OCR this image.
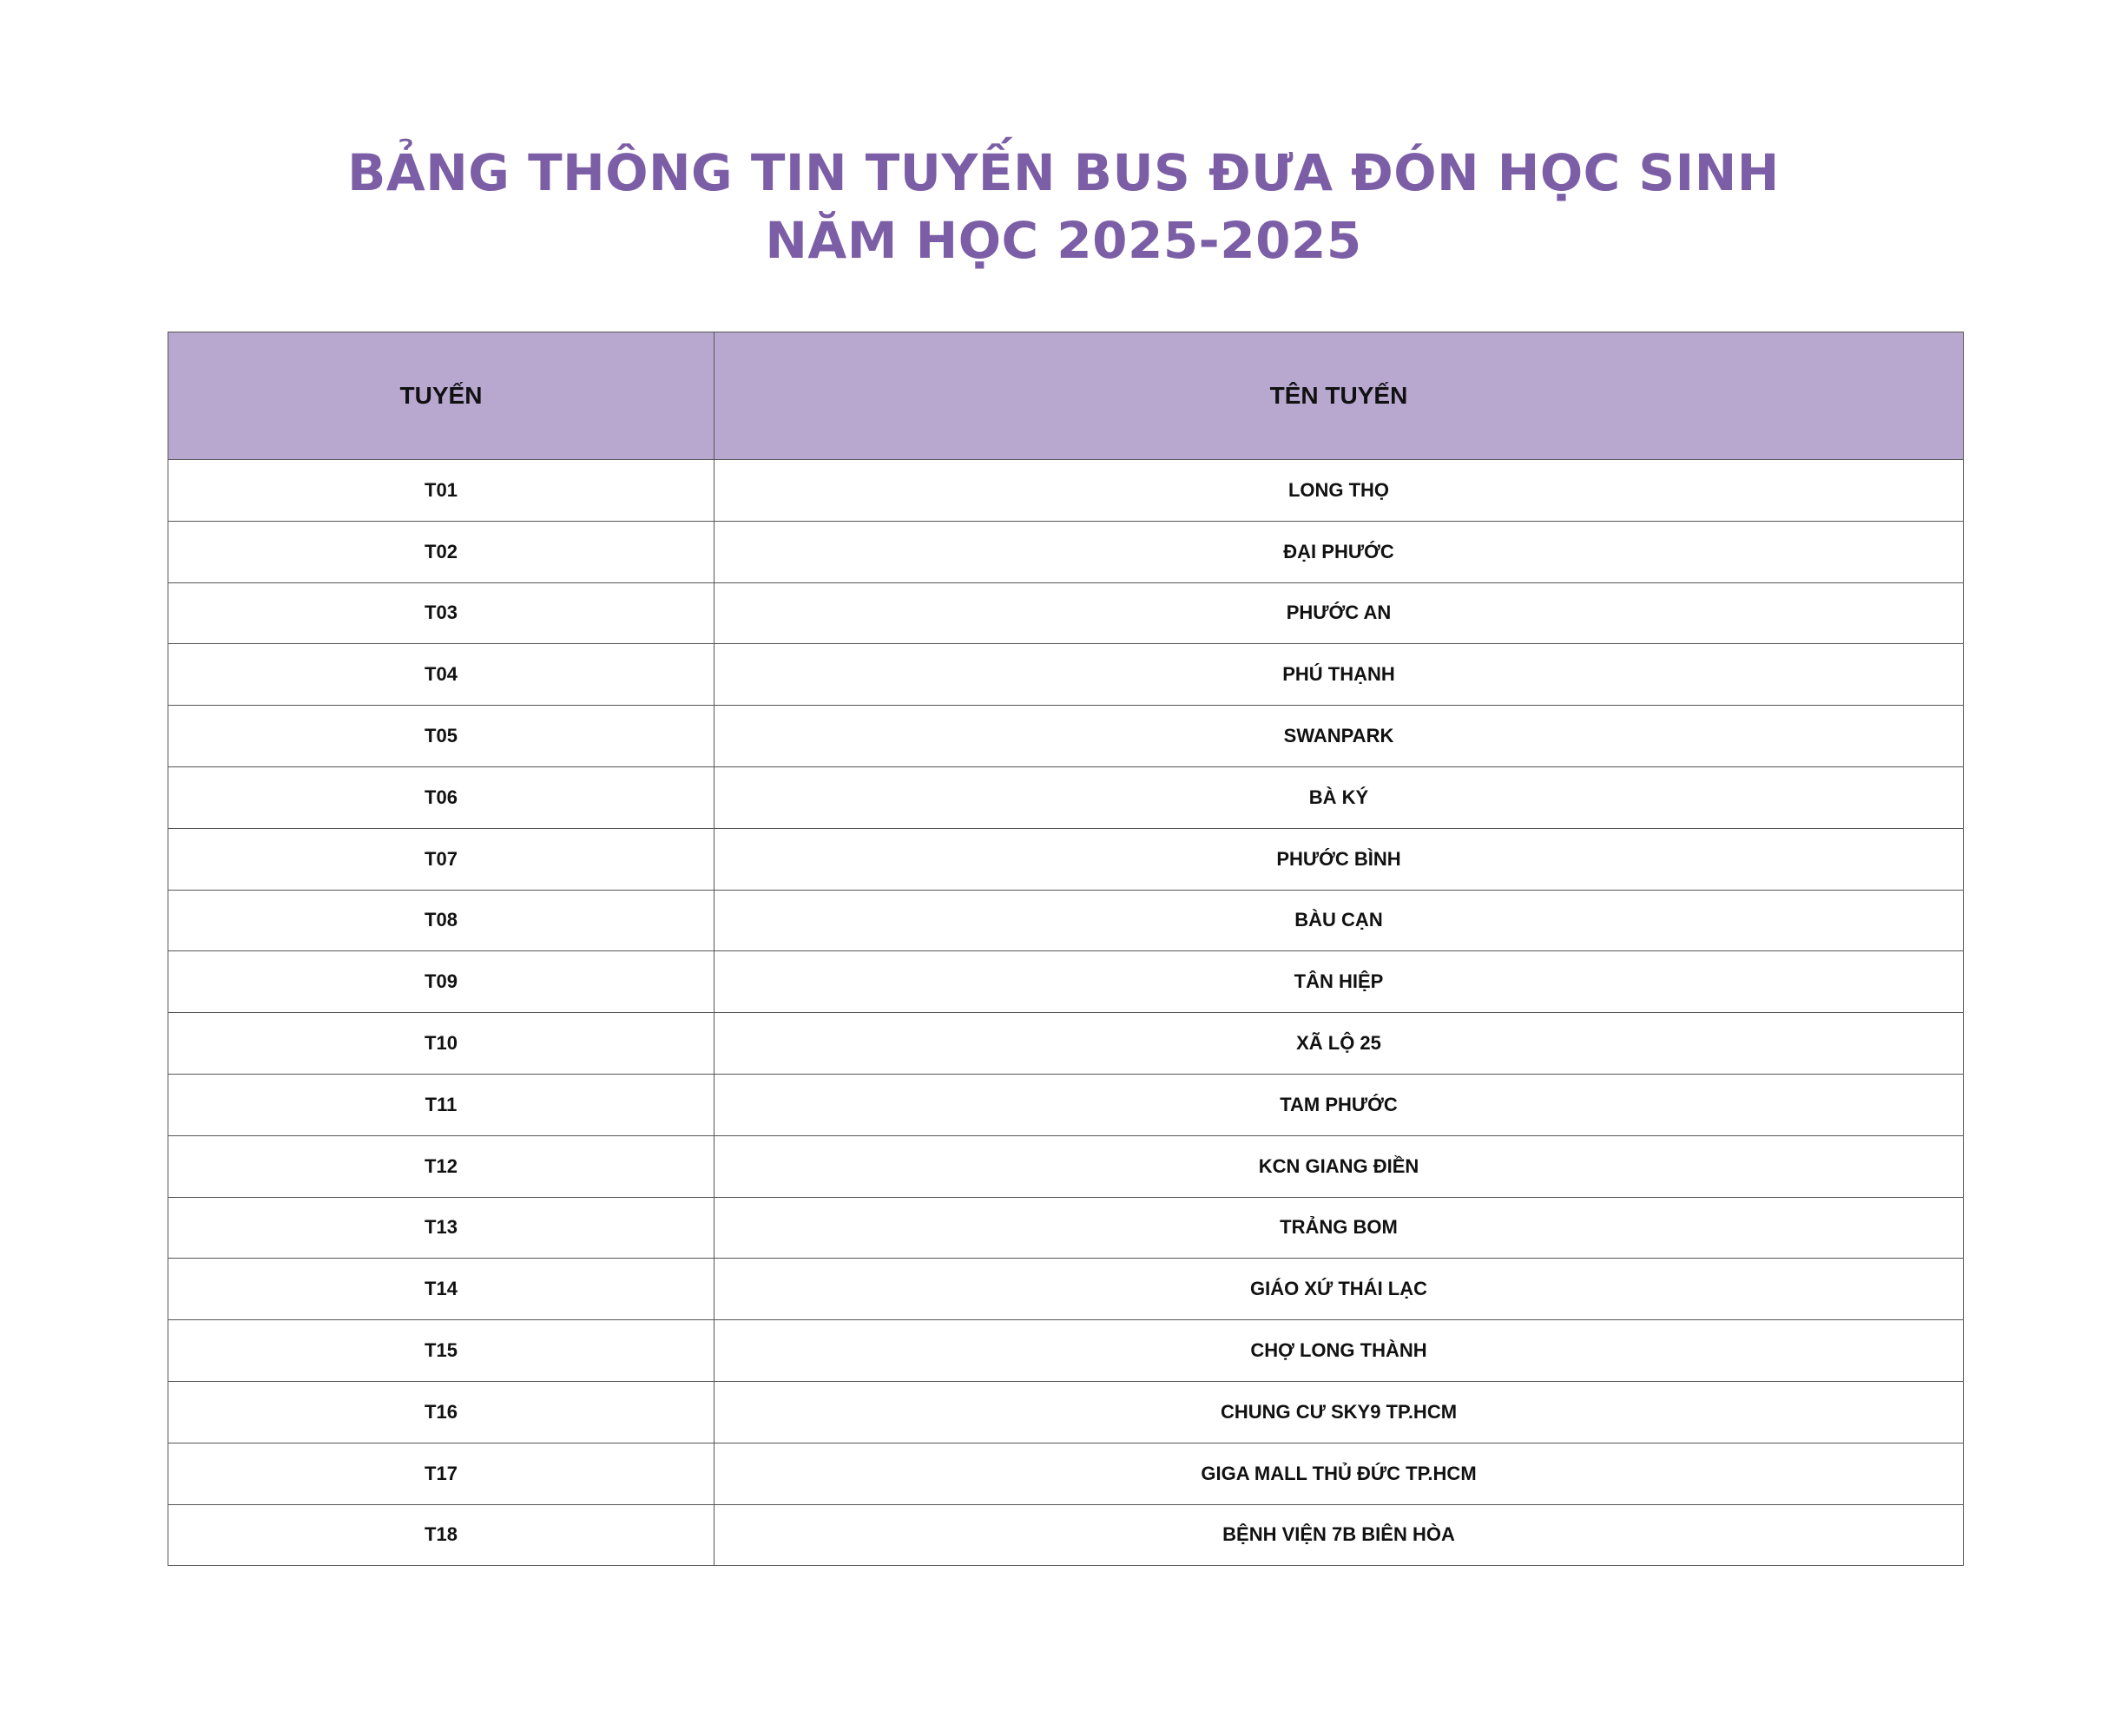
BẢNG THÔNG TIN TUYẾN BUS ĐƯA ĐÓN HỌC SINH
NĂM HỌC 2025-2025
TUYẾN	TÊN TUYẾN
T01	LONG THỌ
T02	ĐẠI PHƯỚC
T03	PHƯỚC AN
T04	PHÚ THẠNH
T05	SWANPARK
T06	BÀ KÝ
T07	PHƯỚC BÌNH
T08	BÀU CẠN
T09	TÂN HIỆP
T10	XÃ LỘ 25
T11	TAM PHƯỚC
T12	KCN GIANG ĐIỀN
T13	TRẢNG BOM
T14	GIÁO XỨ THÁI LẠC
T15	CHỢ LONG THÀNH
T16	CHUNG CƯ SKY9 TP.HCM
T17	GIGA MALL THỦ ĐỨC TP.HCM
T18	BỆNH VIỆN 7B BIÊN HÒA
